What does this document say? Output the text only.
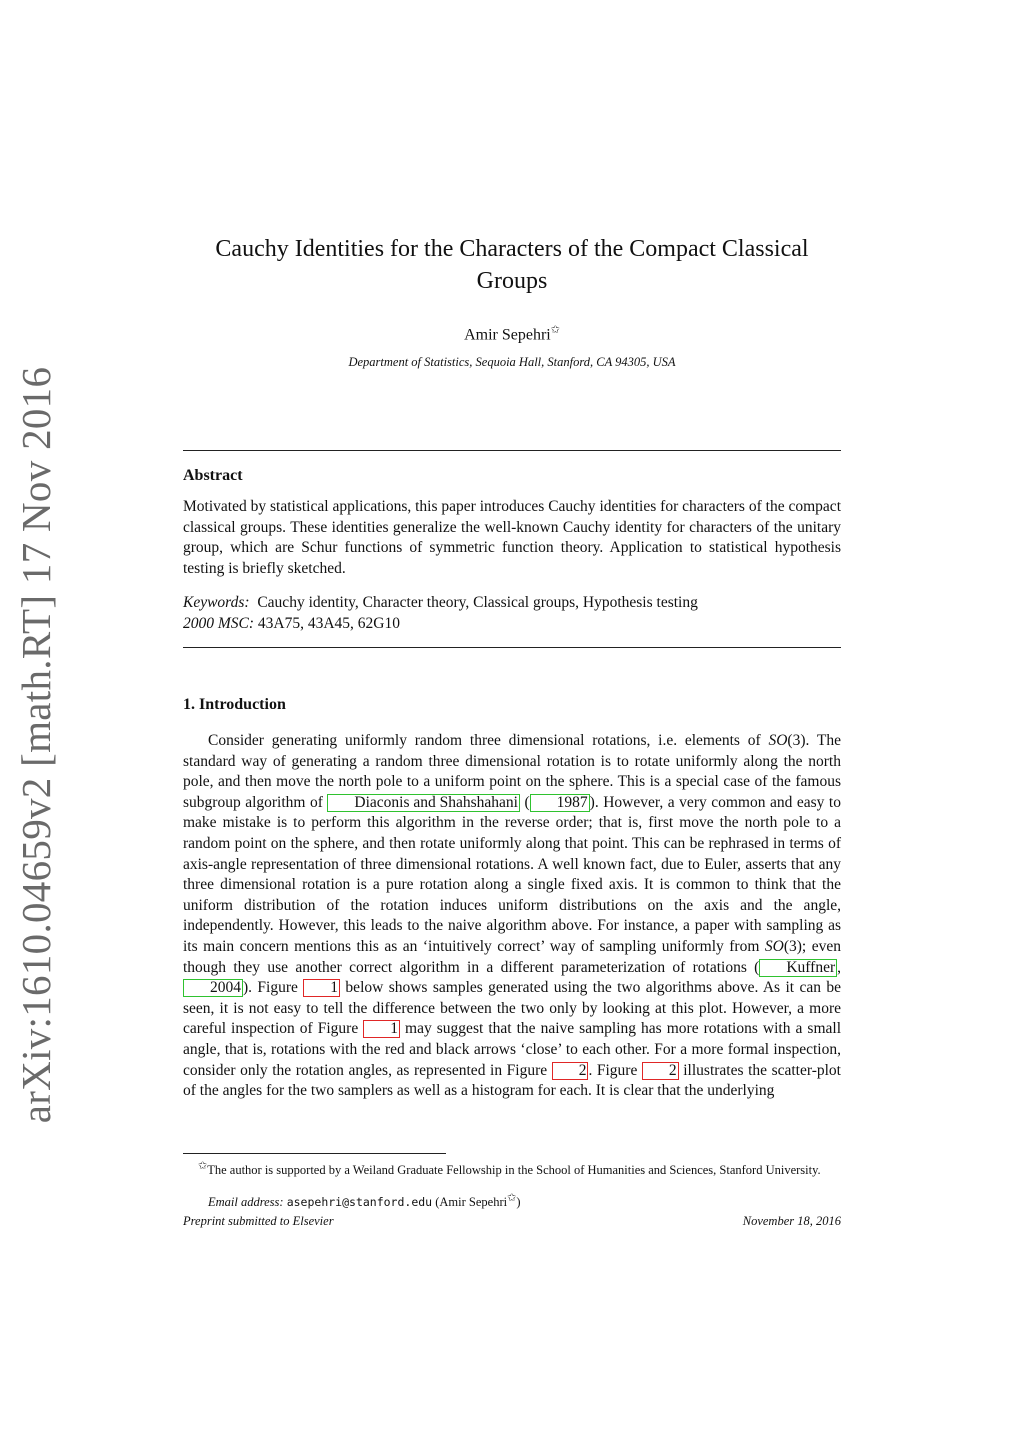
arXiv:1610.04659v2 [math.RT] 17 Nov 2016
Cauchy Identities for the Characters of the Compact Classical Groups
Amir Sepehri✩
Department of Statistics, Sequoia Hall, Stanford, CA 94305, USA
Abstract
Motivated by statistical applications, this paper introduces Cauchy identities for characters of the compact classical groups. These identities generalize the well-known Cauchy identity for characters of the unitary group, which are Schur functions of symmetric function theory. Application to statistical hypothesis testing is briefly sketched.
Keywords: Cauchy identity, Character theory, Classical groups, Hypothesis testing
2000 MSC: 43A75, 43A45, 62G10
1. Introduction
Consider generating uniformly random three dimensional rotations, i.e. elements of SO(3). The standard way of generating a random three dimensional rotation is to rotate uniformly along the north pole, and then move the north pole to a uniform point on the sphere. This is a special case of the famous subgroup algorithm of Diaconis and Shahshahani ( 1987 ). However, a very common and easy to make mistake is to perform this algorithm in the reverse order; that is, first move the north pole to a random point on the sphere, and then rotate uniformly along that point. This can be rephrased in terms of axis-angle representation of three dimensional rotations. A well known fact, due to Euler, asserts that any three dimensional rotation is a pure rotation along a single fixed axis. It is common to think that the uniform distribution of the rotation induces uniform distributions on the axis and the angle, independently. However, this leads to the naive algorithm above. For instance, a paper with sampling as its main concern mentions this as an ‘intuitively correct’ way of sampling uniformly from SO(3); even though they use another correct algorithm in a different parameterization of rotations ( Kuffner , 2004 ). Figure 1 below shows samples generated using the two algorithms above. As it can be seen, it is not easy to tell the difference between the two only by looking at this plot. However, a more careful inspection of Figure 1 may suggest that the naive sampling has more rotations with a small angle, that is, rotations with the red and black arrows ‘close’ to each other. For a more formal inspection, consider only the rotation angles, as represented in Figure 2 . Figure 2 illustrates the scatter-plot of the angles for the two samplers as well as a histogram for each. It is clear that the underlying
✩The author is supported by a Weiland Graduate Fellowship in the School of Humanities and Sciences, Stanford University.
Email address: asepehri@stanford.edu (Amir Sepehri✩)
Preprint submitted to Elsevier	November 18, 2016
